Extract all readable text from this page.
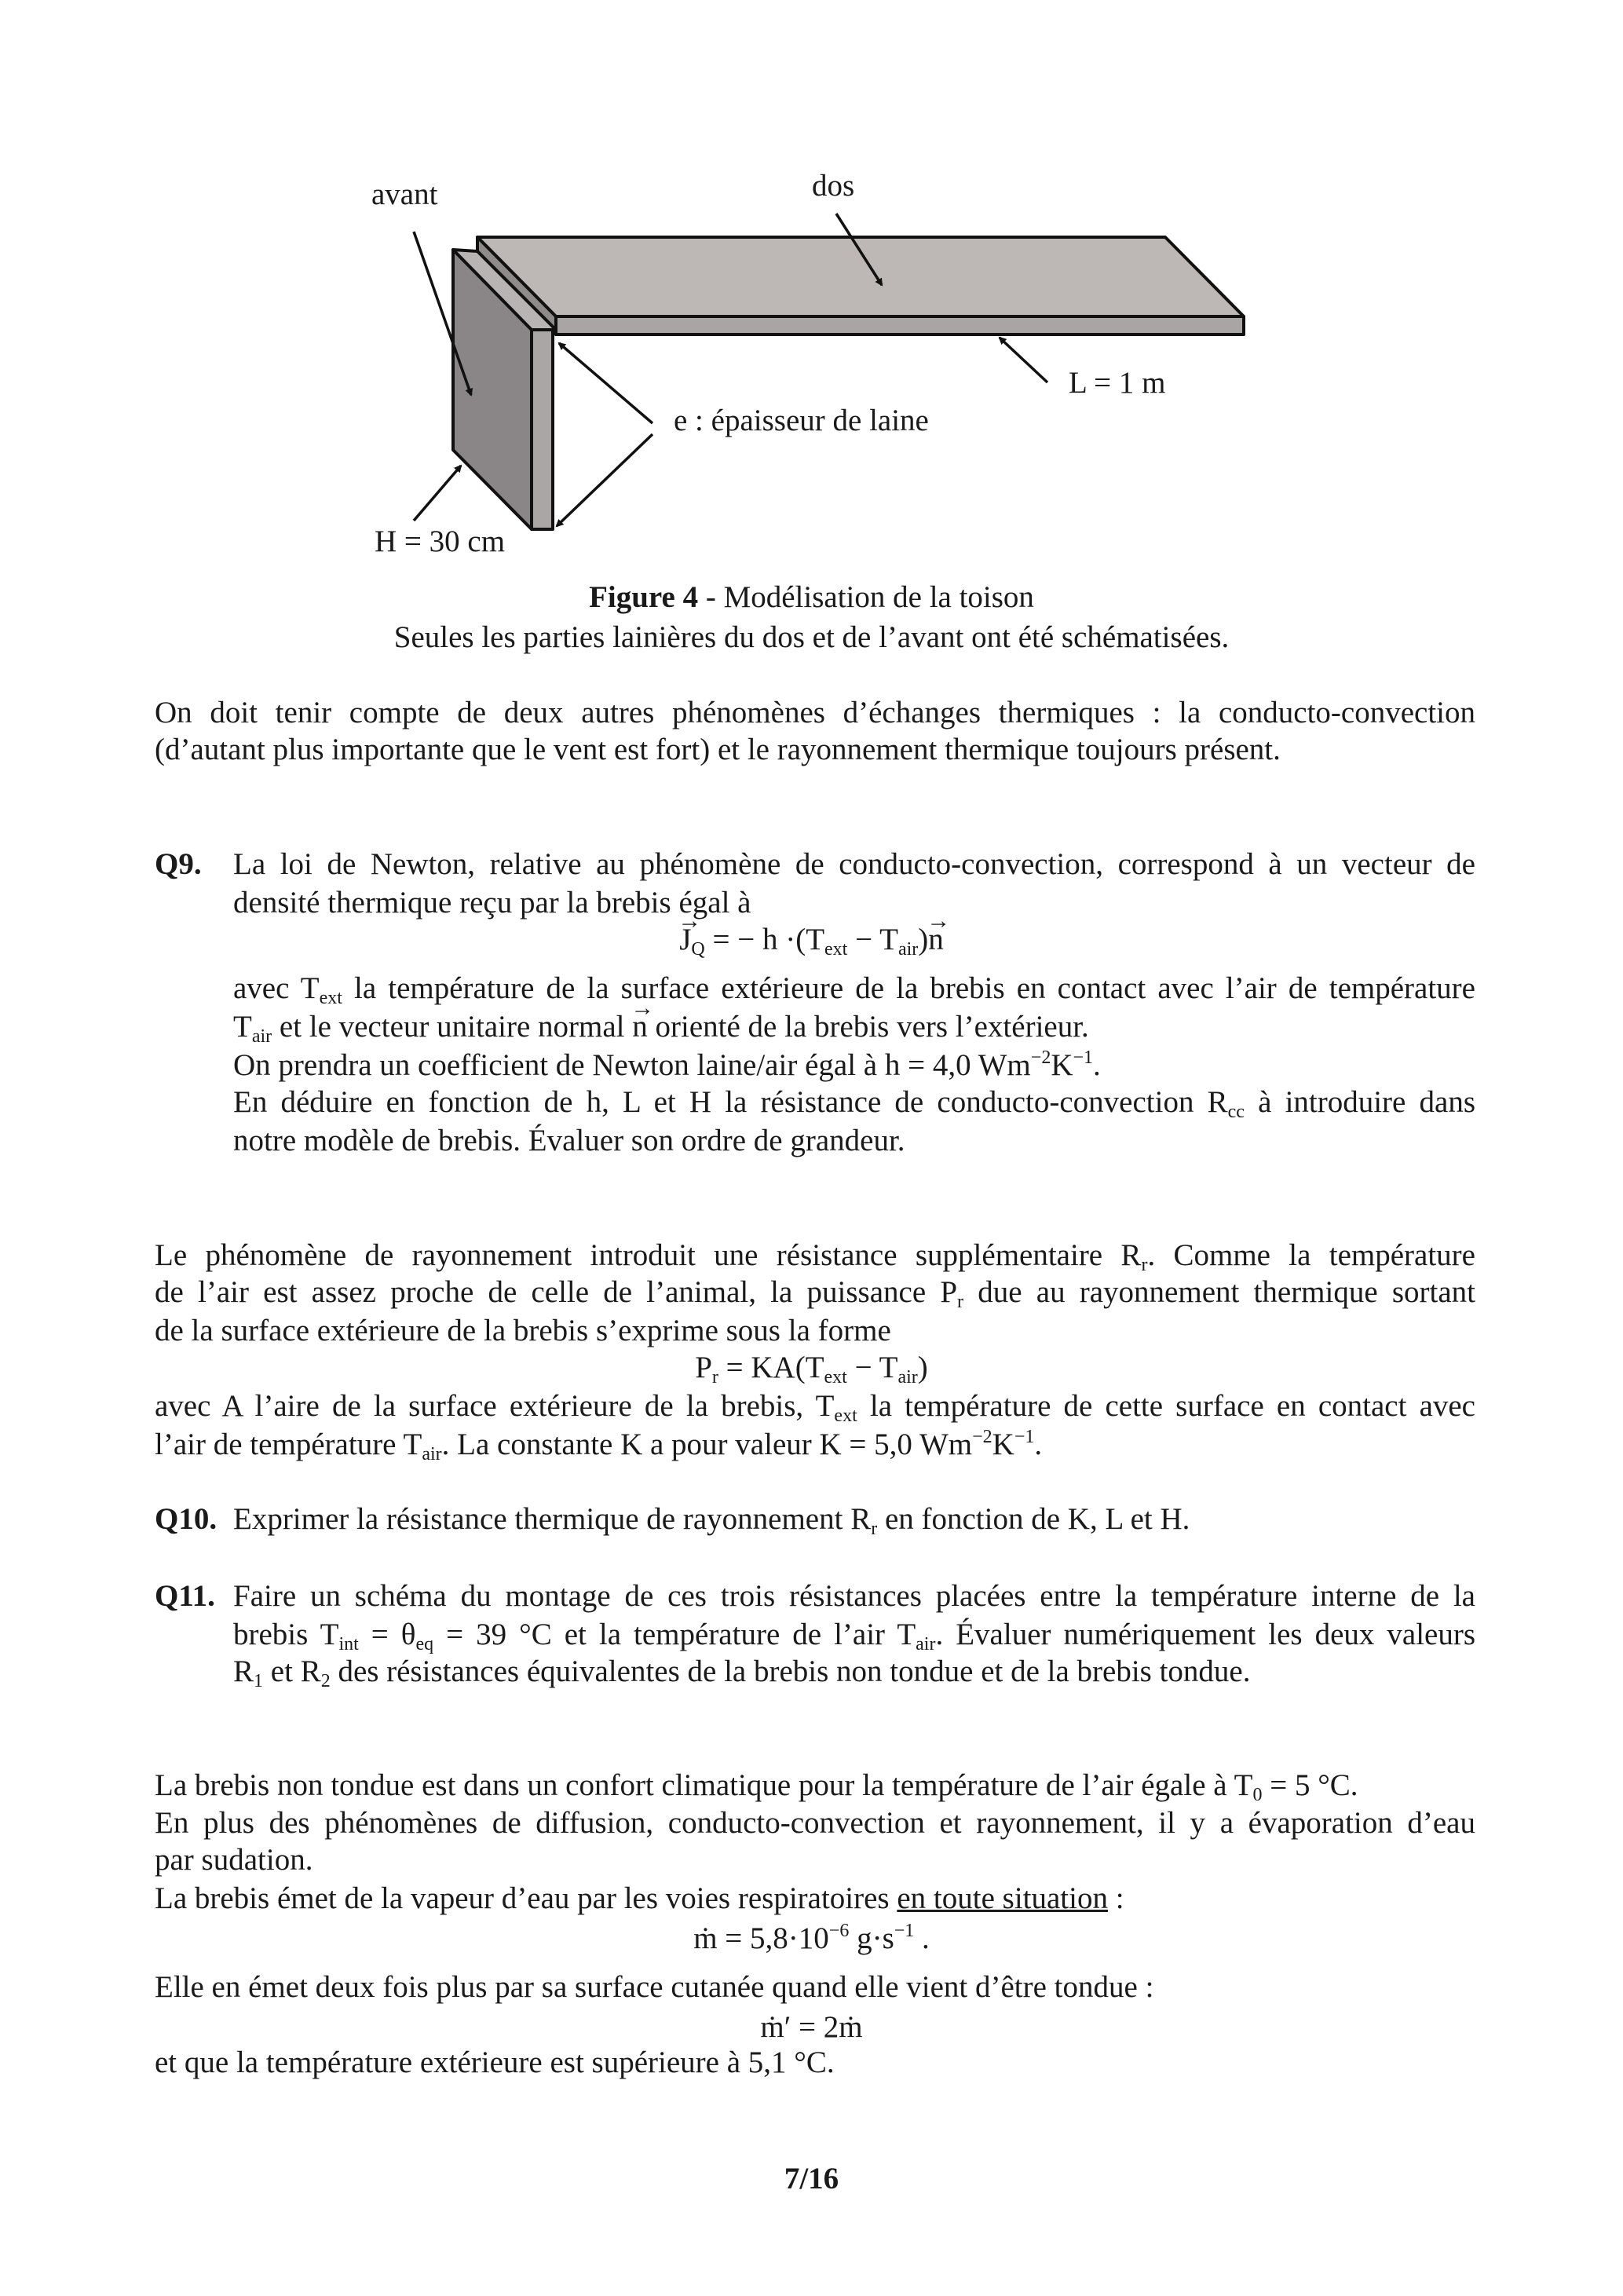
avant	dos
L = 1 m
e : épaisseur de laine
H = 30 cm
Figure 4 - Modélisation de la toison
Seules les parties lainières du dos et de l’avant ont été schématisées.
On doit tenir compte de deux autres phénomènes d’échanges thermiques : la conducto-convection
(d’autant plus importante que le vent est fort) et le rayonnement thermique toujours présent.
Q9. La loi de Newton, relative au phénomène de conducto-convection, correspond à un vecteur de
densité thermique reçu par la brebis égal à
→ $J_Q$ = − $h \cdot(T_{ext} - T_{air})\to n$
avec $T_{ext}$ la température de la surface extérieure de la brebis en contact avec l’air de température
$T_{air}$ et le vecteur unitaire normal → n orienté de la brebis vers l’extérieur.
On prendra un coefficient de Newton laine/air égal à h = 4,0 $Wm^{-2}K^{-1}$.
En déduire en fonction de h, L et H la résistance de conducto-convection $R_{cc}$ à introduire dans
notre modèle de brebis. Évaluer son ordre de grandeur.
Le phénomène de rayonnement introduit une résistance supplémentaire $R_r$. Comme la température
de l’air est assez proche de celle de l’animal, la puissance $P_r$ due au rayonnement thermique sortant
de la surface extérieure de la brebis s’exprime sous la forme
$P_r = KA(T_{ext} - T_{air})$
avec A l’aire de la surface extérieure de la brebis, $T_{ext}$ la température de cette surface en contact avec
l’air de température $T_{air}$. La constante K a pour valeur K = 5,0 $Wm^{-2}K^{-1}$.
Q10. Exprimer la résistance thermique de rayonnement $R_r$ en fonction de K, L et H.
Q11. Faire un schéma du montage de ces trois résistances placées entre la température interne de la
brebis $T_{int} = \theta_{eq} = 39$ °C et la température de l’air $T_{air}$. Évaluer numériquement les deux valeurs
$R_1$ et $R_2$ des résistances équivalentes de la brebis non tondue et de la brebis tondue.
La brebis non tondue est dans un confort climatique pour la température de l’air égale à $T_0 = 5$ °C.
En plus des phénomènes de diffusion, conducto-convection et rayonnement, il y a évaporation d’eau
par sudation.
La brebis émet de la vapeur d’eau par les voies respiratoires en toute situation :
ṁ = $5,8\cdot 10^{-6}$ $g\cdot s^{-1}$ .
Elle en émet deux fois plus par sa surface cutanée quand elle vient d’être tondue :
ṁ′ = 2ṁ
et que la température extérieure est supérieure à 5,1 °C.
7/16
